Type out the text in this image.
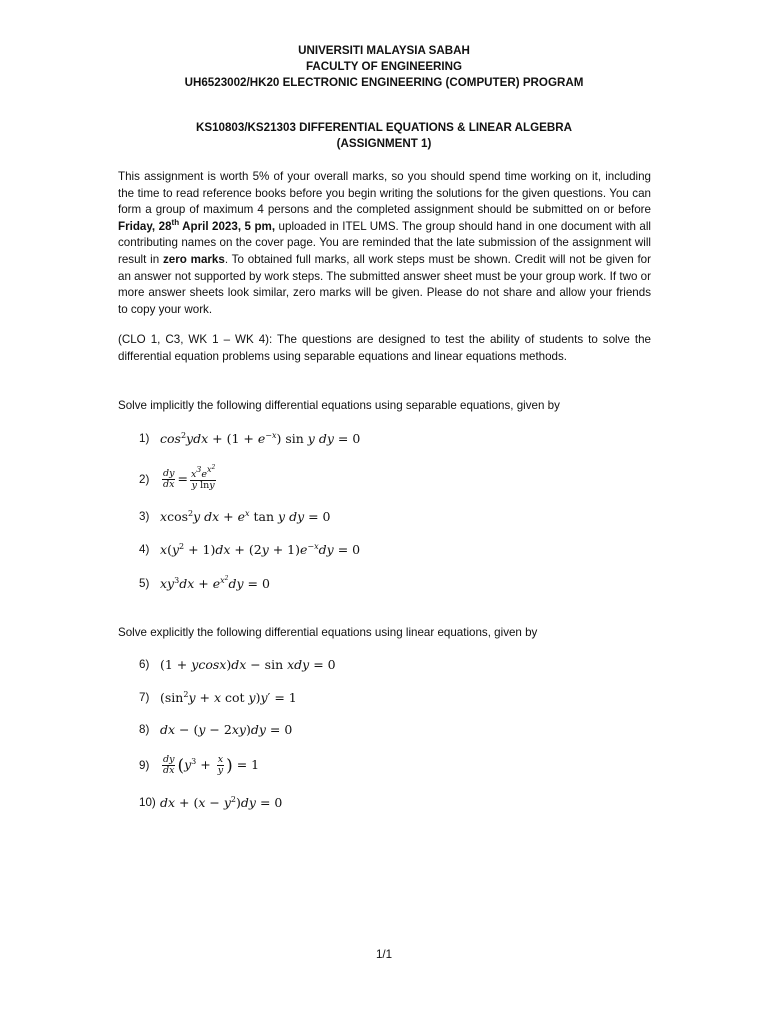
UNIVERSITI MALAYSIA SABAH
FACULTY OF ENGINEERING
UH6523002/HK20 ELECTRONIC ENGINEERING (COMPUTER) PROGRAM
KS10803/KS21303 DIFFERENTIAL EQUATIONS & LINEAR ALGEBRA
(ASSIGNMENT 1)
This assignment is worth 5% of your overall marks, so you should spend time working on it, including the time to read reference books before you begin writing the solutions for the given questions. You can form a group of maximum 4 persons and the completed assignment should be submitted on or before Friday, 28th April 2023, 5 pm, uploaded in ITEL UMS. The group should hand in one document with all contributing names on the cover page. You are reminded that the late submission of the assignment will result in zero marks. To obtained full marks, all work steps must be shown. Credit will not be given for an answer not supported by work steps. The submitted answer sheet must be your group work. If two or more answer sheets look similar, zero marks will be given. Please do not share and allow your friends to copy your work.
(CLO 1, C3, WK 1 – WK 4): The questions are designed to test the ability of students to solve the differential equation problems using separable equations and linear equations methods.
Solve implicitly the following differential equations using separable equations, given by
1) $\cos^2ydx + (1 + e^{-x})$ sin y dy = 0
2)	$\frac{dy}{dx} = \frac{x^3e^{x^2}}{\text{y lny}}$
3) xcos$^2$y dx + $e^x$ tan y dy = 0
4) $x(y^2 + 1)dx + (2y + 1)e^{-x}dy = 0$
5) $xy^3dx + e^{x^2}dy = 0$
Solve explicitly the following differential equations using linear equations, given by
6) (1 + ycosx)dx − sin xdy = 0
7) ($\sin^2y + x$ cot y)y′ = 1
8) dx − (y − 2xy)dy = 0
9)	$\frac{dy}{dx} (y^3 + \frac{x}{y}$ ) = 1
10) dx + $(x - y^2)dy = 0$
1/1
